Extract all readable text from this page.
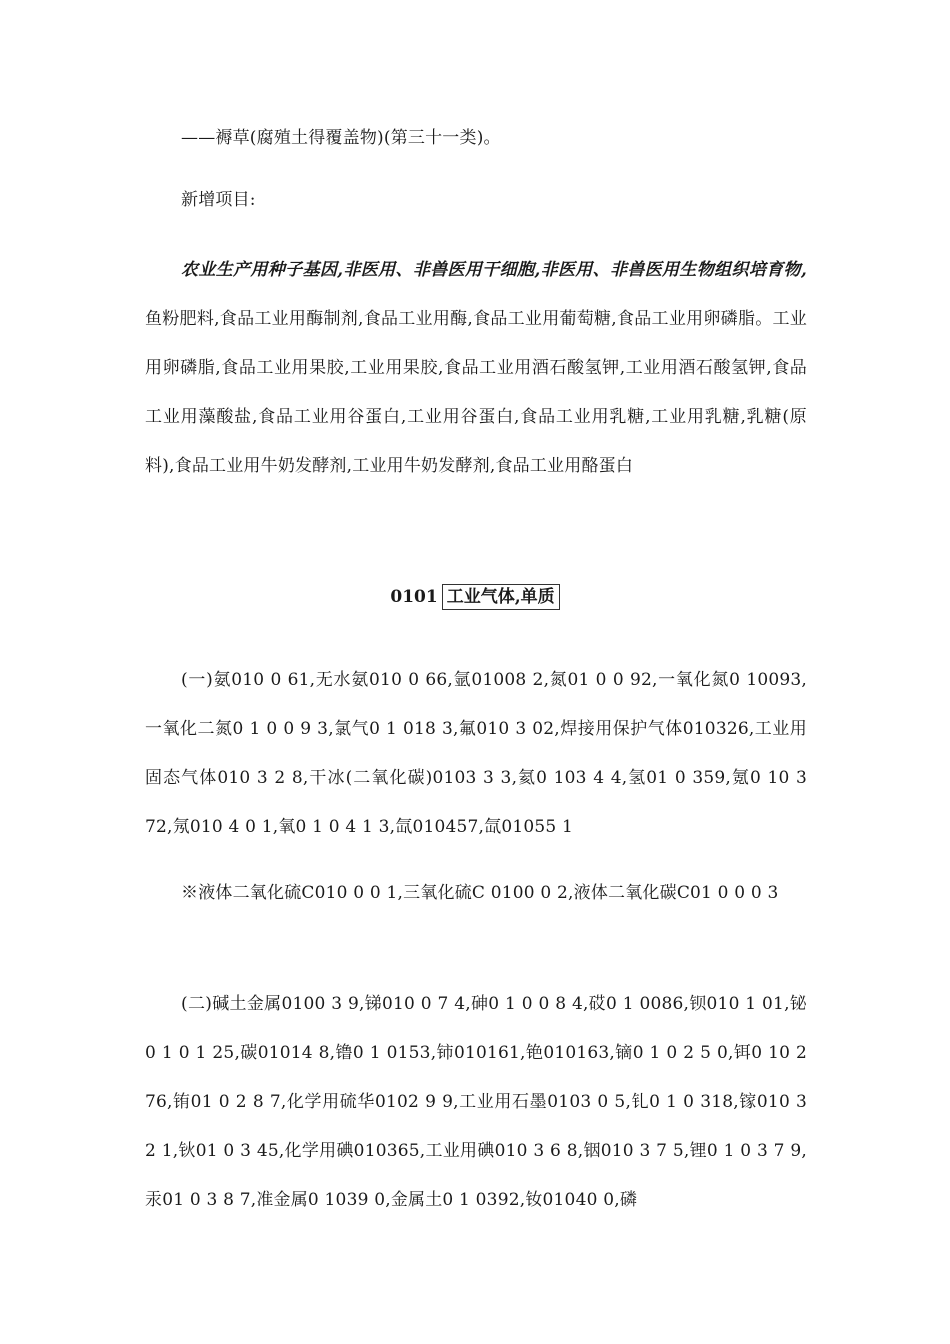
——褥草(腐殖土得覆盖物)(第三十一类)。
新增项目:
农业生产用种子基因,非医用、非兽医用干细胞,非医用、非兽医用生物组织培育物,鱼粉肥料,食品工业用酶制剂,食品工业用酶,食品工业用葡萄糖,食品工业用卵磷脂。工业用卵磷脂,食品工业用果胶,工业用果胶,食品工业用酒石酸氢钾,工业用酒石酸氢钾,食品工业用藻酸盐,食品工业用谷蛋白,工业用谷蛋白,食品工业用乳糖,工业用乳糖,乳糖(原料),食品工业用牛奶发酵剂,工业用牛奶发酵剂,食品工业用酪蛋白
0101 工业气体,单质
(一)氨010 0 61,无水氨010 0 66,氩01008 2,氮01 0 0 92,一氧化氮0 10093,一氧化二氮0 1 0 0 9 3,氯气0 1 018 3,氟010 3 02,焊接用保护气体010326,工业用固态气体010 3 2 8,干冰(二氧化碳)0103 3 3,氦0 103 4 4,氢01 0 359,氪0 10 3 72,氖010 4 0 1,氧0 1 0 4 1 3,氙010457,氙01055 1
※液体二氧化硫C010 0 0 1,三氧化硫C 0100 0 2,液体二氧化碳C01 0 0 0 3
(二)碱土金属0100 3 9,锑010 0 7 4,砷0 1 0 0 8 4,砹0 1 0086,钡010 1 01,铋0 1 0 1 25,碳01014 8,镥0 1 0153,铈010161,铯010163,镝0 1 0 2 5 0,铒0 10 2 76,铕01 0 2 8 7,化学用硫华0102 9 9,工业用石墨0103 0 5,钆0 1 0 318,镓010 3 2 1,钬01 0 3 45,化学用碘010365,工业用碘010 3 6 8,铟010 3 7 5,锂0 1 0 3 7 9,汞01 0 3 8 7,准金属0 1039 0,金属土0 1 0392,钕01040 0,磷
